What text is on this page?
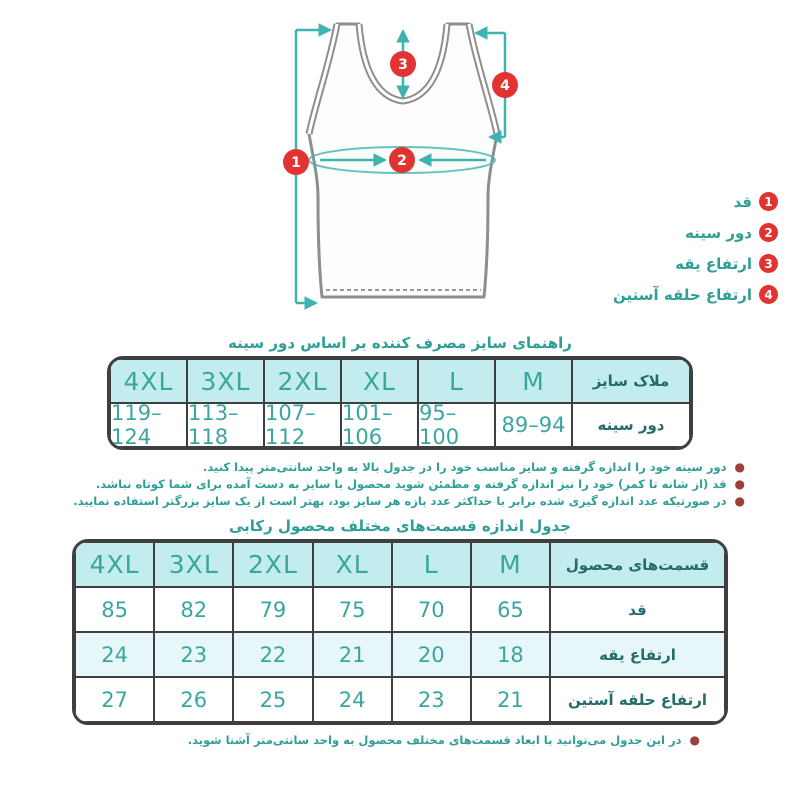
1	2
3
4
1
قد
2
دور سینه
3
ارتفاع یقه
4
ارتفاع حلقه آستین
راهنمای سایز مصرف کننده بر اساس دور سینه
ملاک سایز
M
L
XL
2XL
3XL
4XL
دور سینه
89–94
95–100
101–106
107–112
113–118
119–124
● دور سینه خود را اندازه گرفته و سایز مناسب خود را در جدول بالا به واحد سانتی‌متر پیدا کنید.
● قد (از شانه تا کمر) خود را نیز اندازه گرفته و مطمئن شوید محصول با سایز به دست آمده برای شما کوتاه نباشد.
● در صورتیکه عدد اندازه گیری شده برابر با حداکثر عدد بازه هر سایز بود، بهتر است از یک سایز بزرگتر استفاده نمایید.
جدول اندازه قسمت‌های مختلف محصول رکابی
قسمت‌های محصول
M
L
XL
2XL
3XL
4XL
قد
65
70
75
79
82
85
ارتفاع یقه
18
20
21
22
23
24
ارتفاع حلقه آستین
21
23
24
25
26
27
● در این جدول می‌توانید با ابعاد قسمت‌های مختلف محصول به واحد سانتی‌متر آشنا شوید.
